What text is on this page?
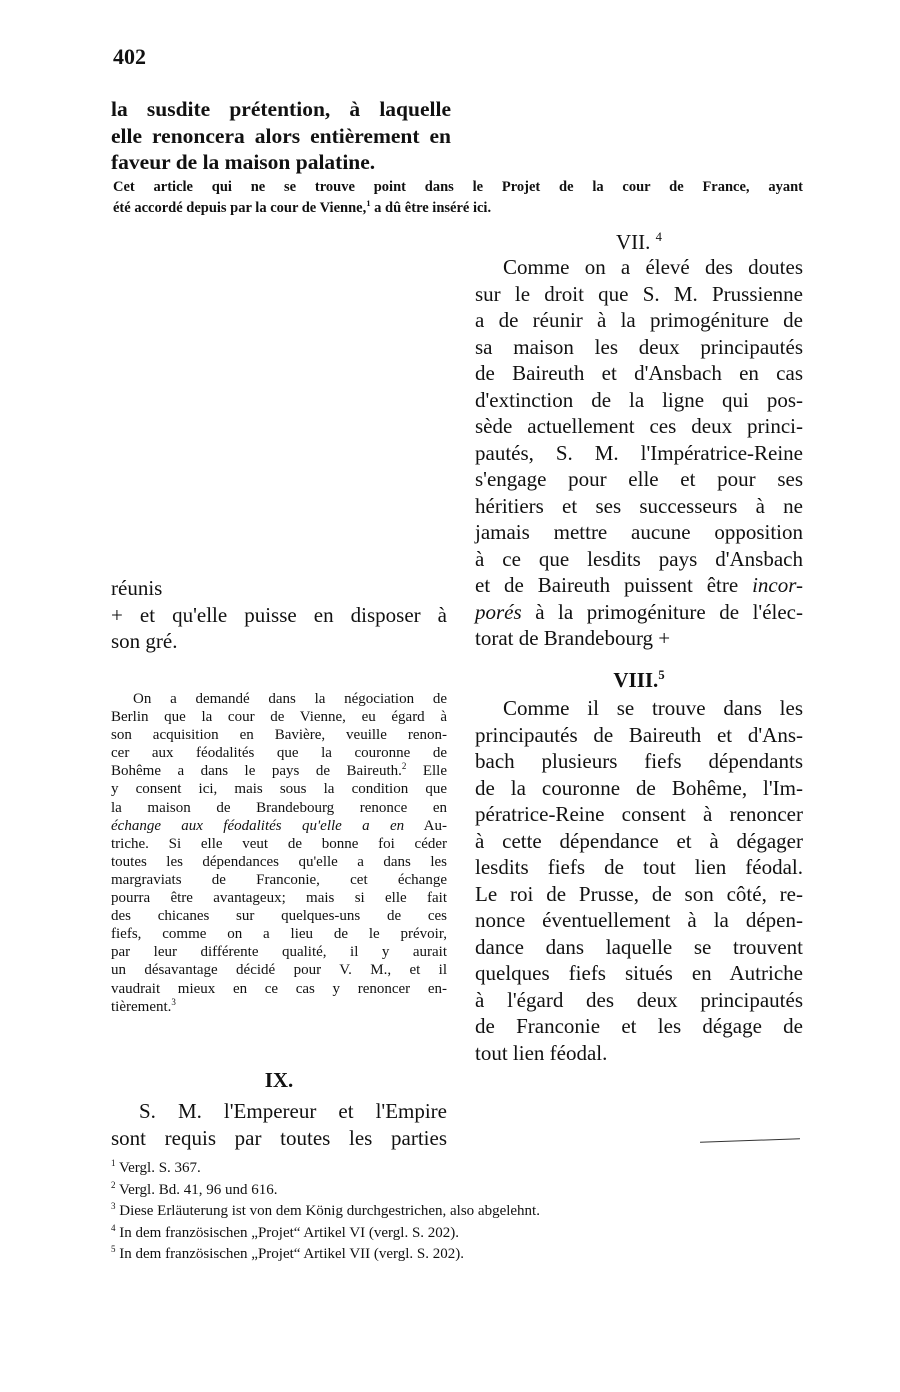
402
la susdite prétention, à laquelle
elle renoncera alors entièrement en
faveur de la maison palatine.
Cet article qui ne se trouve point dans le Projet de la cour de France, ayant
été accordé depuis par la cour de Vienne,$^1$ a dû être inséré ici.
VII. $^4$
Comme on a élevé des doutes
sur le droit que S. M. Prussienne
a de réunir à la primogéniture de
sa maison les deux principautés
de Baireuth et d'Ansbach en cas
d'extinction de la ligne qui pos-
sède actuellement ces deux princi-
pautés, S. M. l'Impératrice-Reine
s'engage pour elle et pour ses
héritiers et ses successeurs à ne
jamais mettre aucune opposition
à ce que lesdits pays d'Ansbach
et de Baireuth puissent être incor-
porés à la primogéniture de l'élec-
torat de Brandebourg +
réunis
+ et qu'elle puisse en disposer à
son gré.
On a demandé dans la négociation de
Berlin que la cour de Vienne, eu égard à
son acquisition en Bavière, veuille renon-
cer aux féodalités que la couronne de
Bohême a dans le pays de Baireuth.$^2$ Elle
y consent ici, mais sous la condition que
la maison de Brandebourg renonce en
échange aux féodalités qu'elle a en Au-
triche. Si elle veut de bonne foi céder
toutes les dépendances qu'elle a dans les
margraviats de Franconie, cet échange
pourra être avantageux; mais si elle fait
des chicanes sur quelques-uns de ces
fiefs, comme on a lieu de le prévoir,
par leur différente qualité, il y aurait
un désavantage décidé pour V. M., et il
vaudrait mieux en ce cas y renoncer en-
tièrement.$^3$
VIII.$^5$
Comme il se trouve dans les
principautés de Baireuth et d'Ans-
bach plusieurs fiefs dépendants
de la couronne de Bohême, l'Im-
pératrice-Reine consent à renoncer
à cette dépendance et à dégager
lesdits fiefs de tout lien féodal.
Le roi de Prusse, de son côté, re-
nonce éventuellement à la dépen-
dance dans laquelle se trouvent
quelques fiefs situés en Autriche
à l'égard des deux principautés
de Franconie et les dégage de
tout lien féodal.
IX.
S. M. l'Empereur et l'Empire
sont requis par toutes les parties
$^1$ Vergl. S. 367.
$^2$ Vergl. Bd. 41, 96 und 616.
$^3$ Diese Erläuterung ist von dem König durchgestrichen, also abgelehnt.
$^4$ In dem französischen „Projet“ Artikel VI (vergl. S. 202).
$^5$ In dem französischen „Projet“ Artikel VII (vergl. S. 202).
